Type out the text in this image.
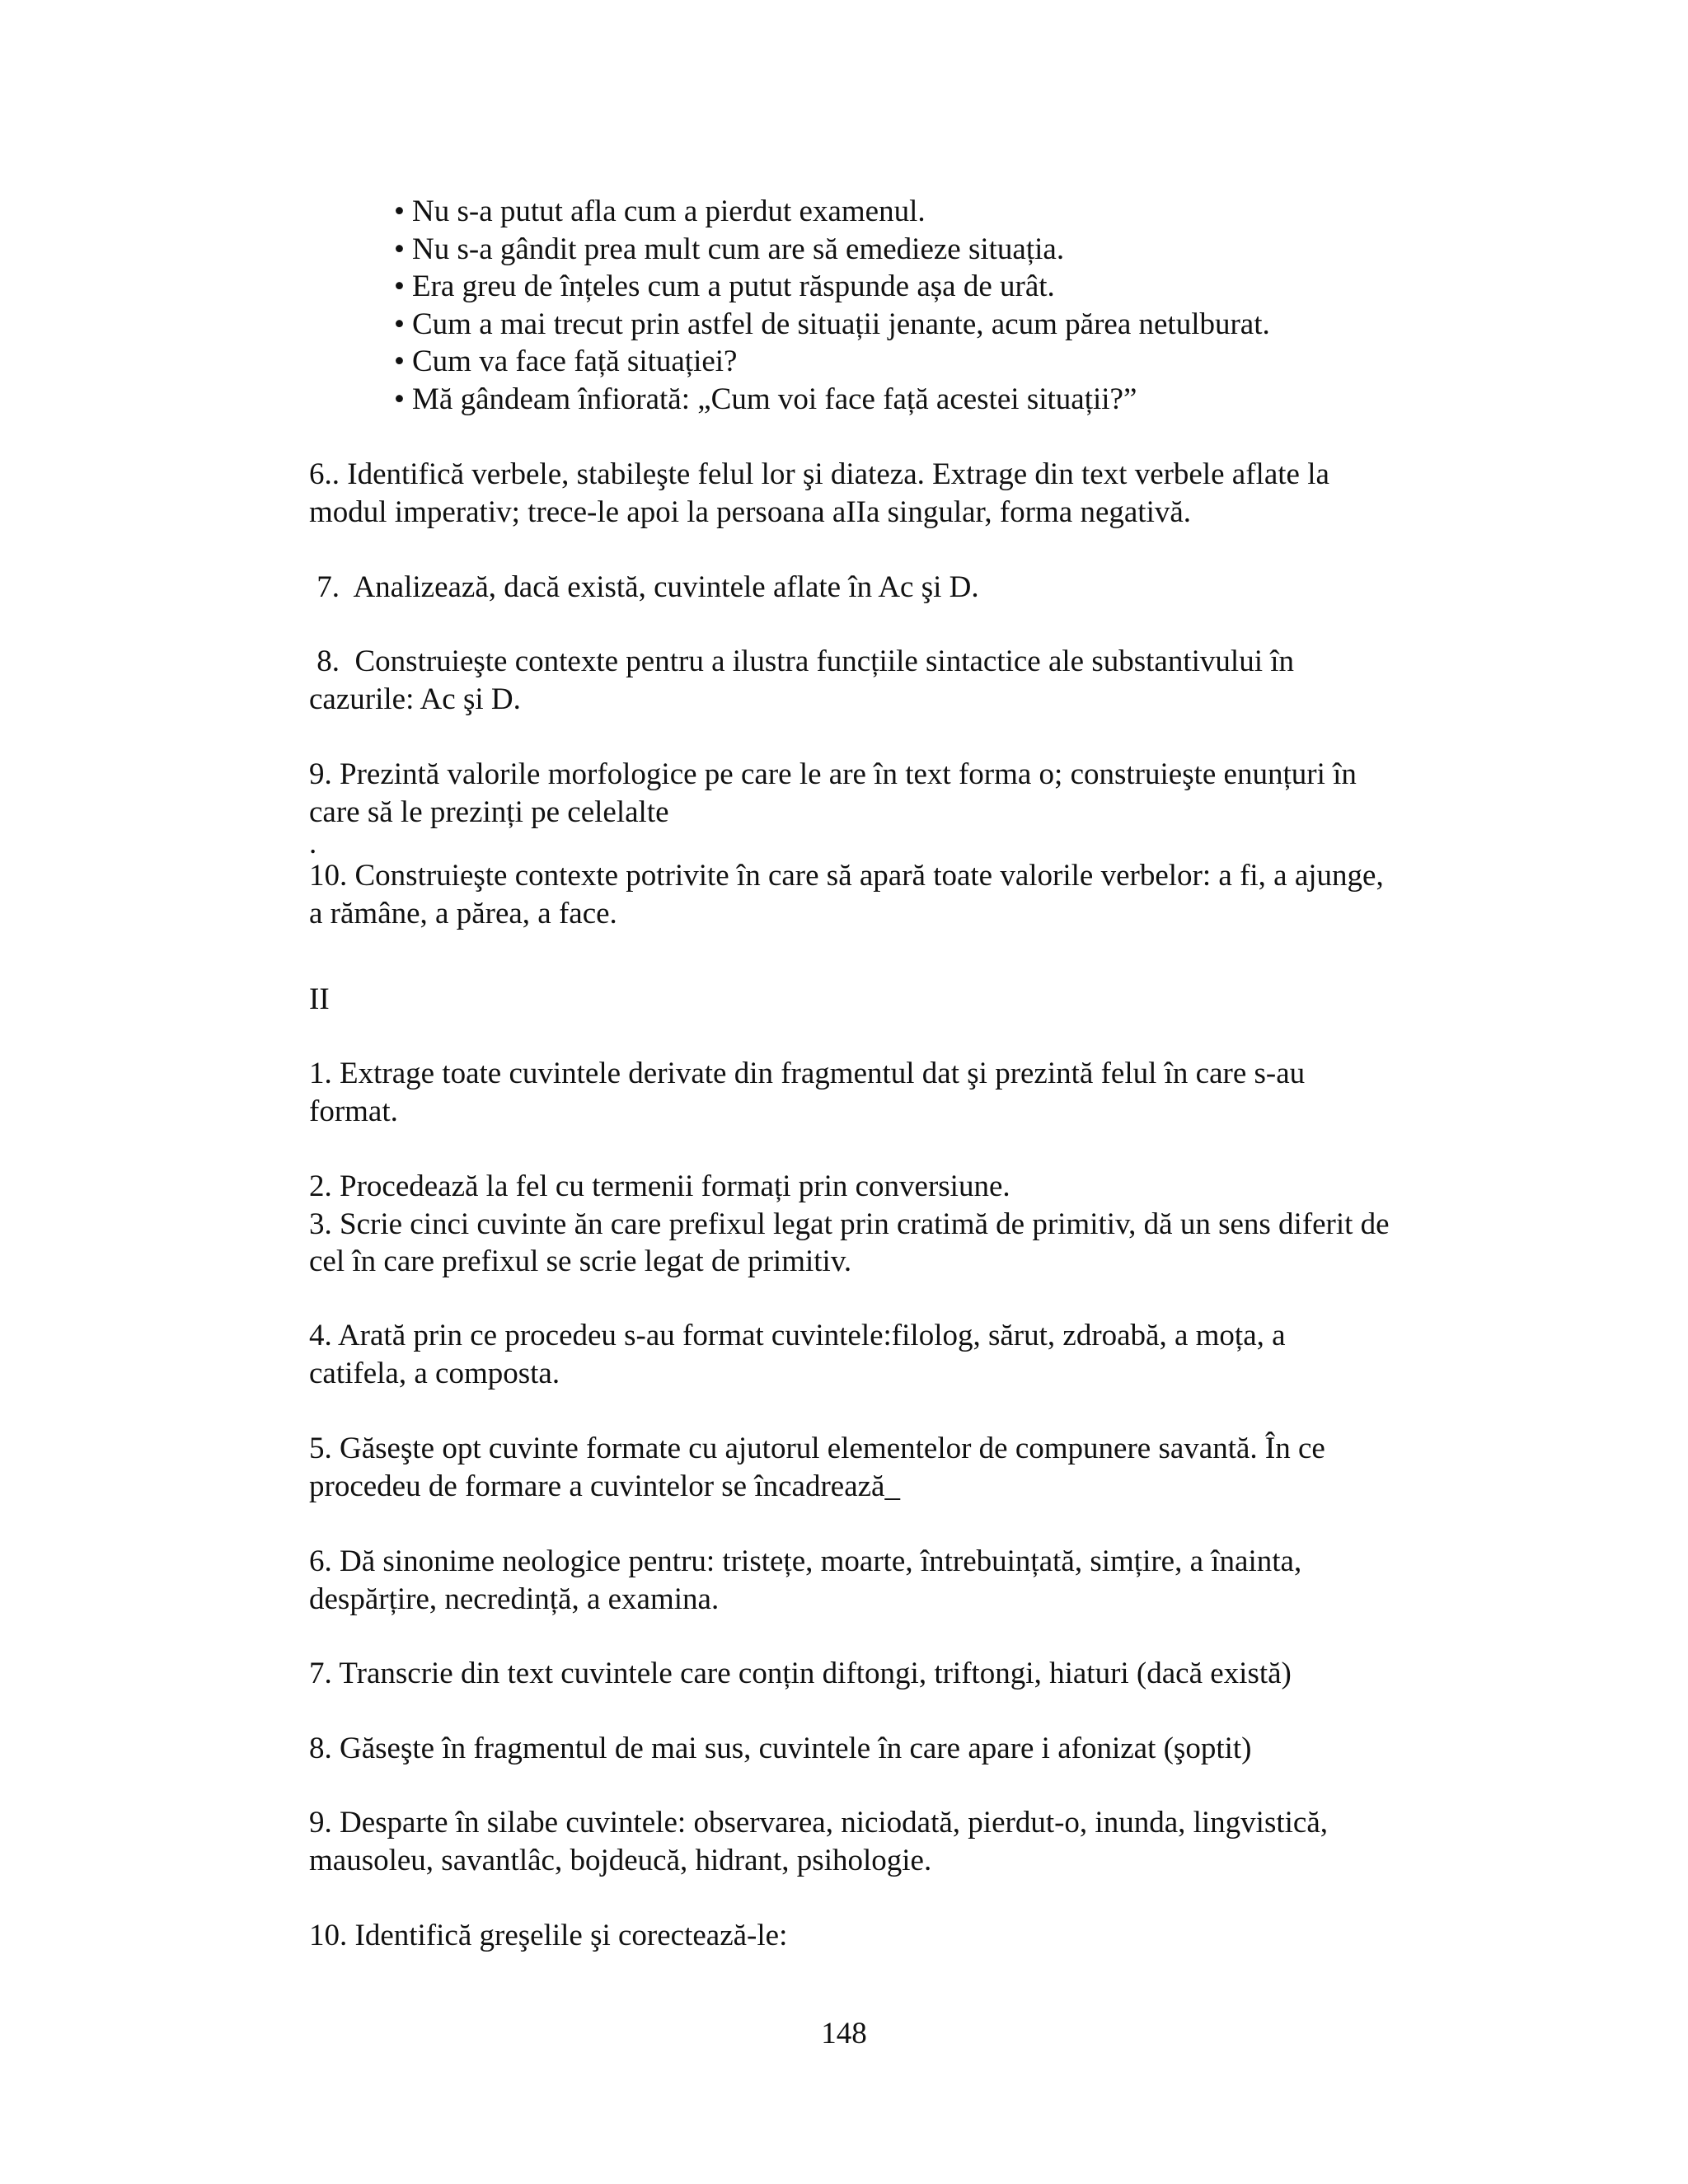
•
Nu s-a putut afla cum a pierdut examenul.
•
Nu s-a gândit prea mult cum are să emedieze situația.
•
Era greu de înțeles cum a putut răspunde așa de urât.
•
Cum a mai trecut prin astfel de situații jenante, acum părea netulburat.
•
Cum va face față situației?
•
Mă gândeam înfiorată: „Cum voi face față acestei situații?”
6.. Identifică verbele, stabileşte felul lor şi diateza. Extrage din text verbele aflate la
modul imperativ; trece-le apoi la persoana aIIa singular, forma negativă.
7.  Analizează, dacă există, cuvintele aflate în Ac şi D.
8.  Construieşte contexte pentru a ilustra funcțiile sintactice ale substantivului în
cazurile: Ac şi D.
9. Prezintă valorile morfologice pe care le are în text forma o; construieşte enunțuri în
care să le prezinți pe celelalte
.
10. Construieşte contexte potrivite în care să apară toate valorile verbelor: a fi, a ajunge,
a rămâne, a părea, a face.
II
1. Extrage toate cuvintele derivate din fragmentul dat şi prezintă felul în care s-au
format.
2. Procedează la fel cu termenii formați prin conversiune.
3. Scrie cinci cuvinte ăn care prefixul legat prin cratimă de primitiv, dă un sens diferit de
cel în care prefixul se scrie legat de primitiv.
4. Arată prin ce procedeu s-au format cuvintele:filolog, sărut, zdroabă, a moța, a
catifela, a composta.
5. Găseşte opt cuvinte formate cu ajutorul elementelor de compunere savantă. În ce
procedeu de formare a cuvintelor se încadrează_
6. Dă sinonime neologice pentru: tristețe, moarte, întrebuințată, simțire, a înainta,
despărțire, necredință, a examina.
7. Transcrie din text cuvintele care conțin diftongi, triftongi, hiaturi (dacă există)
8. Găseşte în fragmentul de mai sus, cuvintele în care apare i afonizat (şoptit)
9. Desparte în silabe cuvintele: observarea, niciodată, pierdut-o, inunda, lingvistică,
mausoleu, savantlâc, bojdeucă, hidrant, psihologie.
10. Identifică greşelile şi corectează-le:
148
